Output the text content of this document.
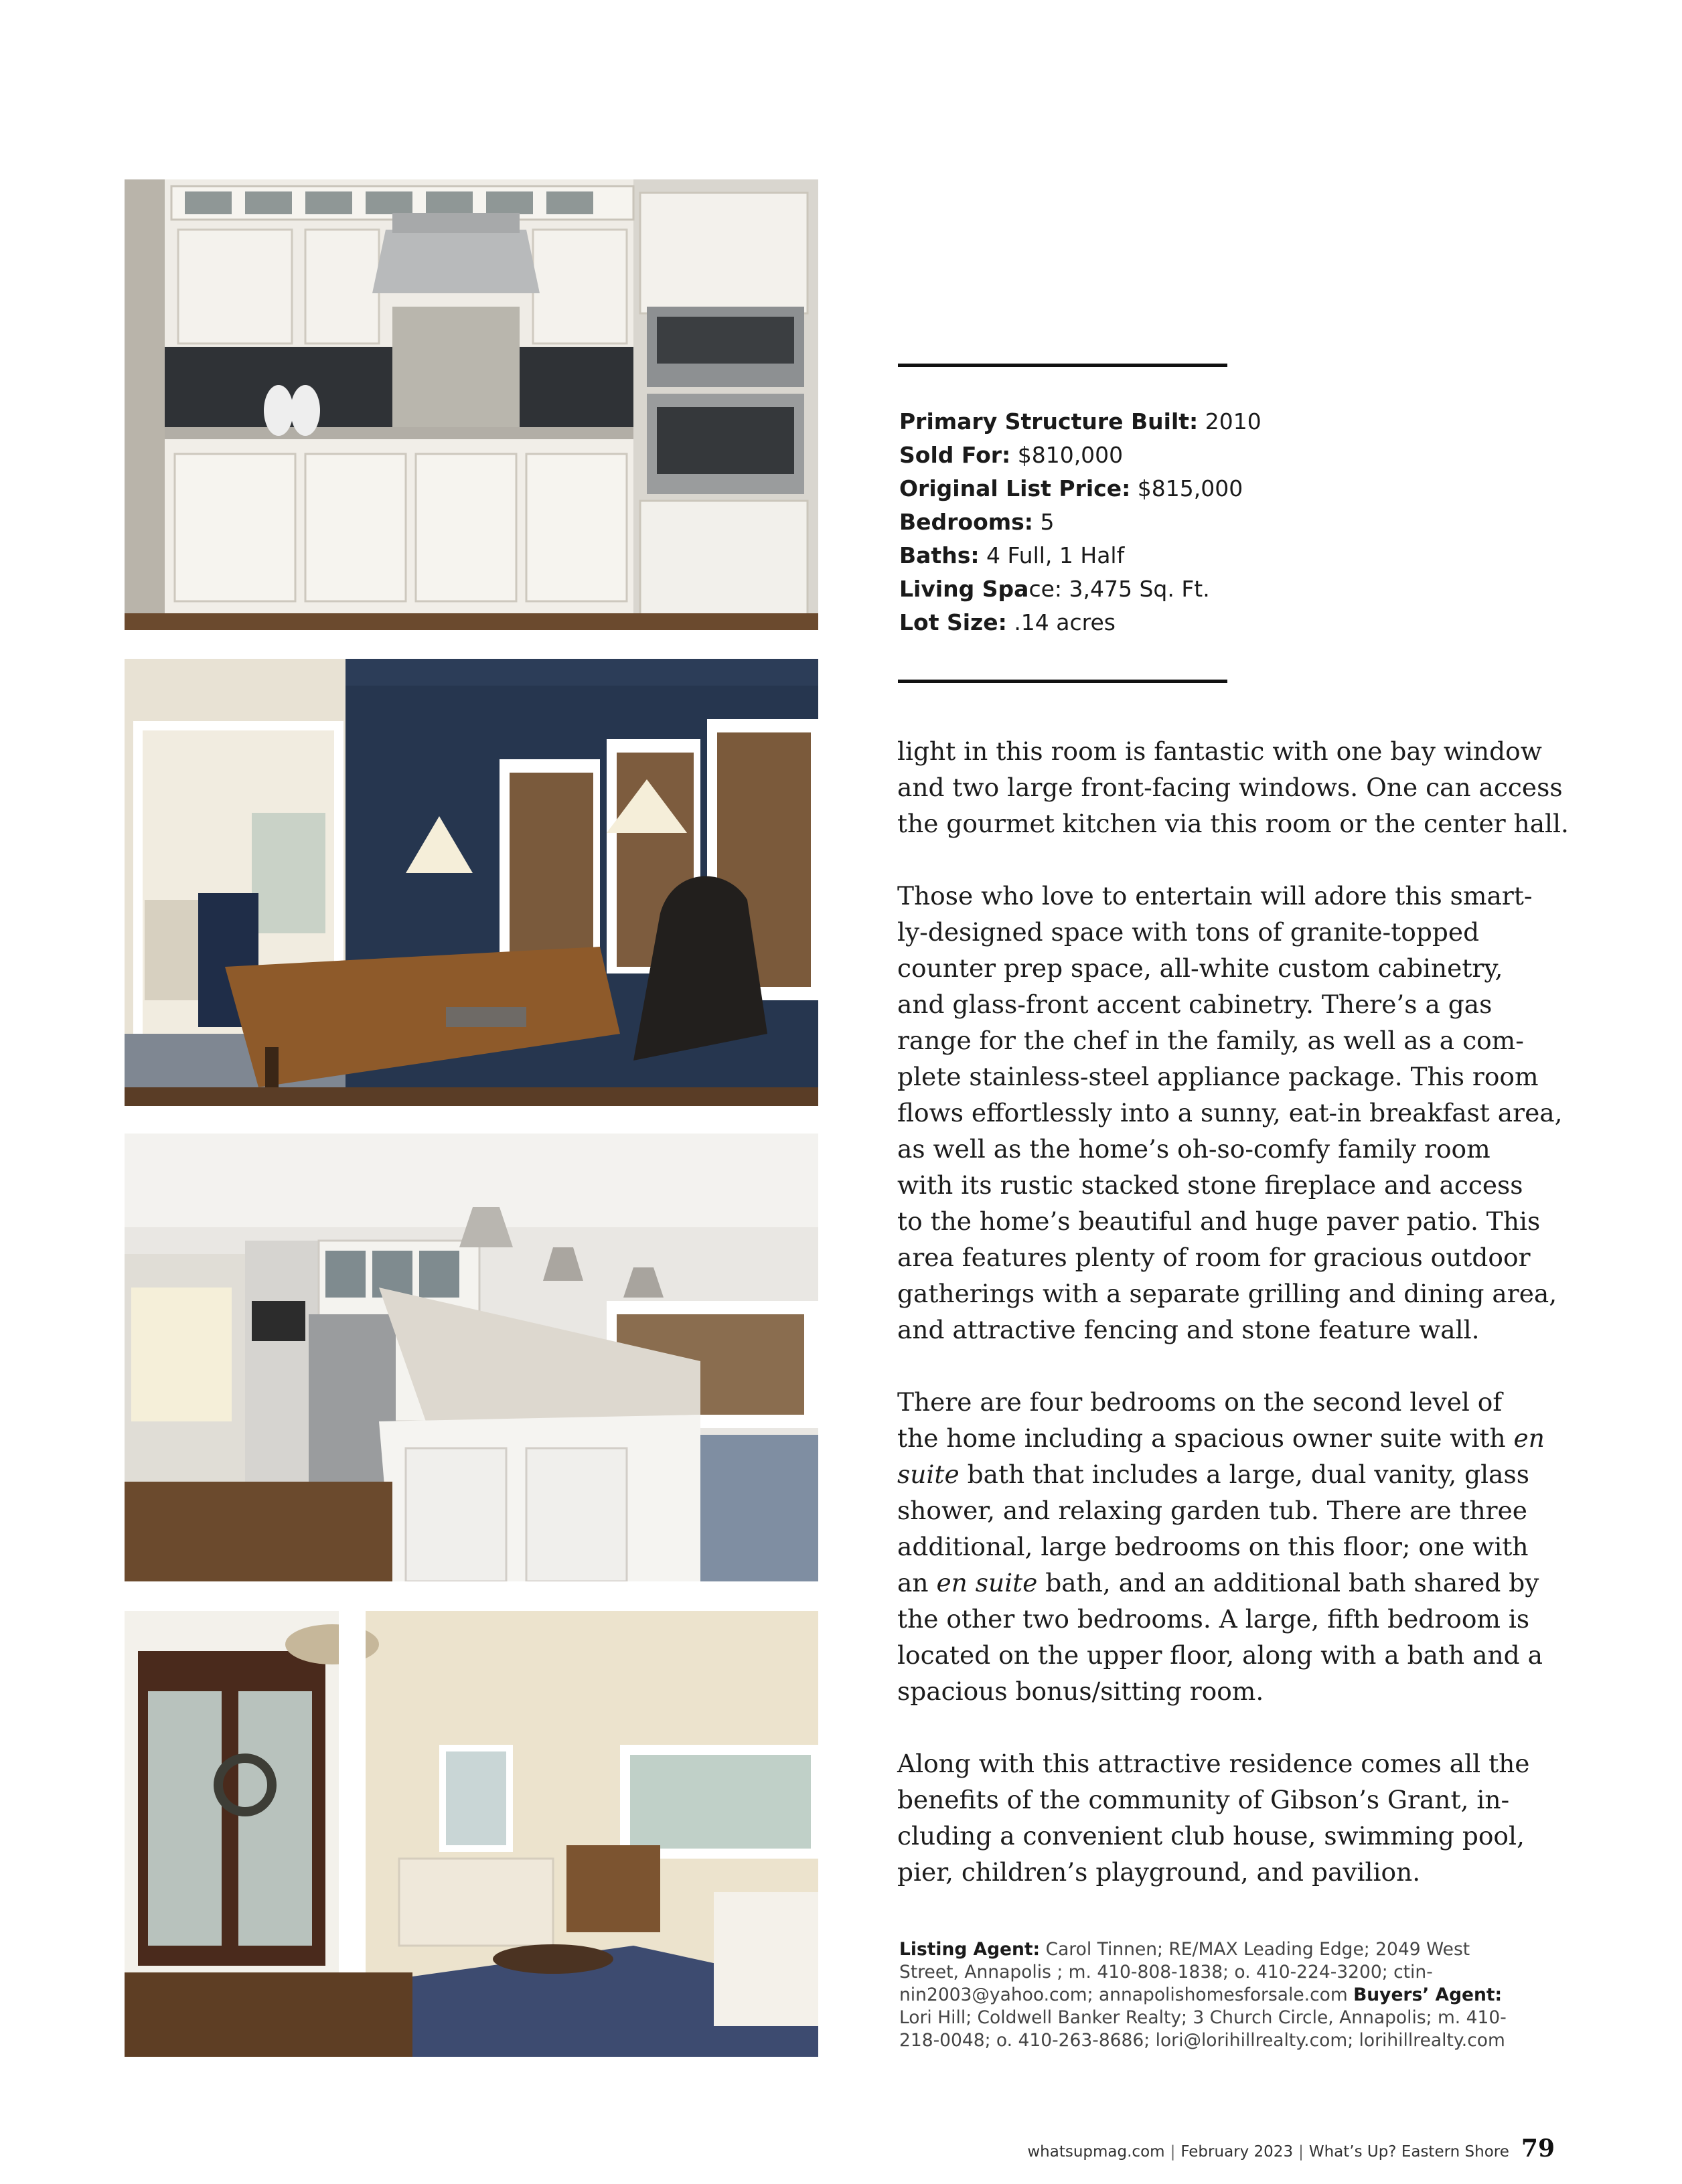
Primary Structure Built: 2010
Sold For: $810,000
Original List Price: $815,000
Bedrooms: 5
Baths: 4 Full, 1 Half
Living Space: 3,475 Sq. Ft.
Lot Size: .14 acres
light in this room is fantastic with one bay window
and two large front-facing windows. One can access
the gourmet kitchen via this room or the center hall.
Those who love to entertain will adore this smart-
ly-designed space with tons of granite-topped
counter prep space, all-white custom cabinetry,
and glass-front accent cabinetry. There’s a gas
range for the chef in the family, as well as a com-
plete stainless-steel appliance package. This room
flows effortlessly into a sunny, eat-in breakfast area,
as well as the home’s oh-so-comfy family room
with its rustic stacked stone fireplace and access
to the home’s beautiful and huge paver patio. This
area features plenty of room for gracious outdoor
gatherings with a separate grilling and dining area,
and attractive fencing and stone feature wall.
There are four bedrooms on the second level of
the home including a spacious owner suite with en
suite bath that includes a large, dual vanity, glass
shower, and relaxing garden tub. There are three
additional, large bedrooms on this floor; one with
an en suite bath, and an additional bath shared by
the other two bedrooms. A large, fifth bedroom is
located on the upper floor, along with a bath and a
spacious bonus/sitting room.
Along with this attractive residence comes all the
benefits of the community of Gibson’s Grant, in-
cluding a convenient club house, swimming pool,
pier, children’s playground, and pavilion.
Listing Agent: Carol Tinnen; RE/MAX Leading Edge; 2049 West
Street, Annapolis ; m. 410-808-1838; o. 410-224-3200; ctin-
nin2003@yahoo.com; annapolishomesforsale.com Buyers’ Agent:
Lori Hill; Coldwell Banker Realty; 3 Church Circle, Annapolis; m. 410-
218-0048; o. 410-263-8686; lori@lorihillrealty.com; lorihillrealty.com
whatsupmag.com | February 2023 | What’s Up? Eastern Shore 79
